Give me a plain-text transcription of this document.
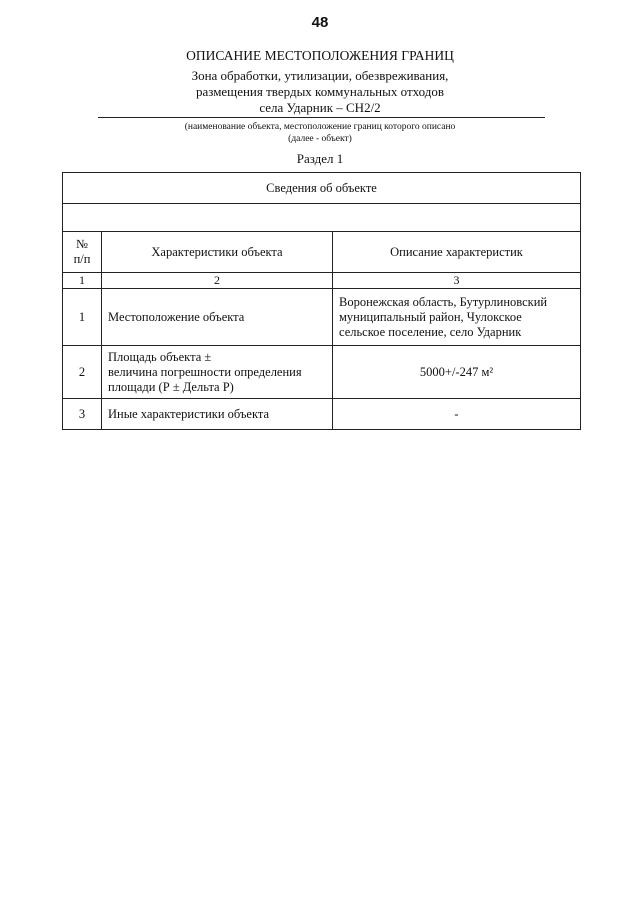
48
ОПИСАНИЕ МЕСТОПОЛОЖЕНИЯ ГРАНИЦ
Зона обработки, утилизации, обезвреживания,
размещения твердых коммунальных отходов
села Ударник – СН2/2
(наименование объекта, местоположение границ которого описано
(далее - объект)
Раздел 1
Сведения об объекте		

№
п/п	Характеристики объекта	Описание характеристик
1	2	3
1	Местоположение объекта	Воронежская область, Бутурлиновский
муниципальный район, Чулокское
сельское поселение, село Ударник

2	Площадь объекта ±
величина погрешности определения
площади (Р ± Дельта Р)	5000+/-247 м²

3	Иные характеристики объекта	-
